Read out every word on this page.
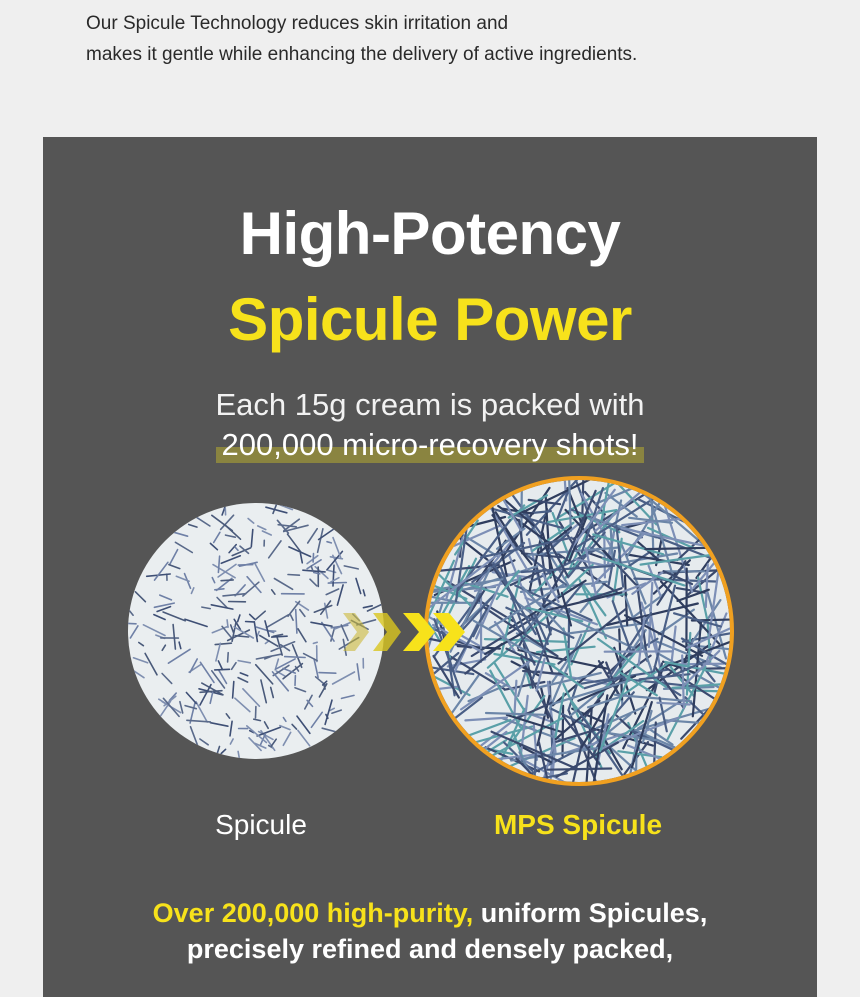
Our Spicule Technology reduces skin irritation and

makes it gentle while enhancing the delivery of active ingredients.

High-Potency
Spicule Power
Each 15g cream is packed with
200,000 micro-recovery shots!
Spicule	MPS Spicule

Over 200,000 high-purity, uniform Spicules,

precisely refined and densely packed,
